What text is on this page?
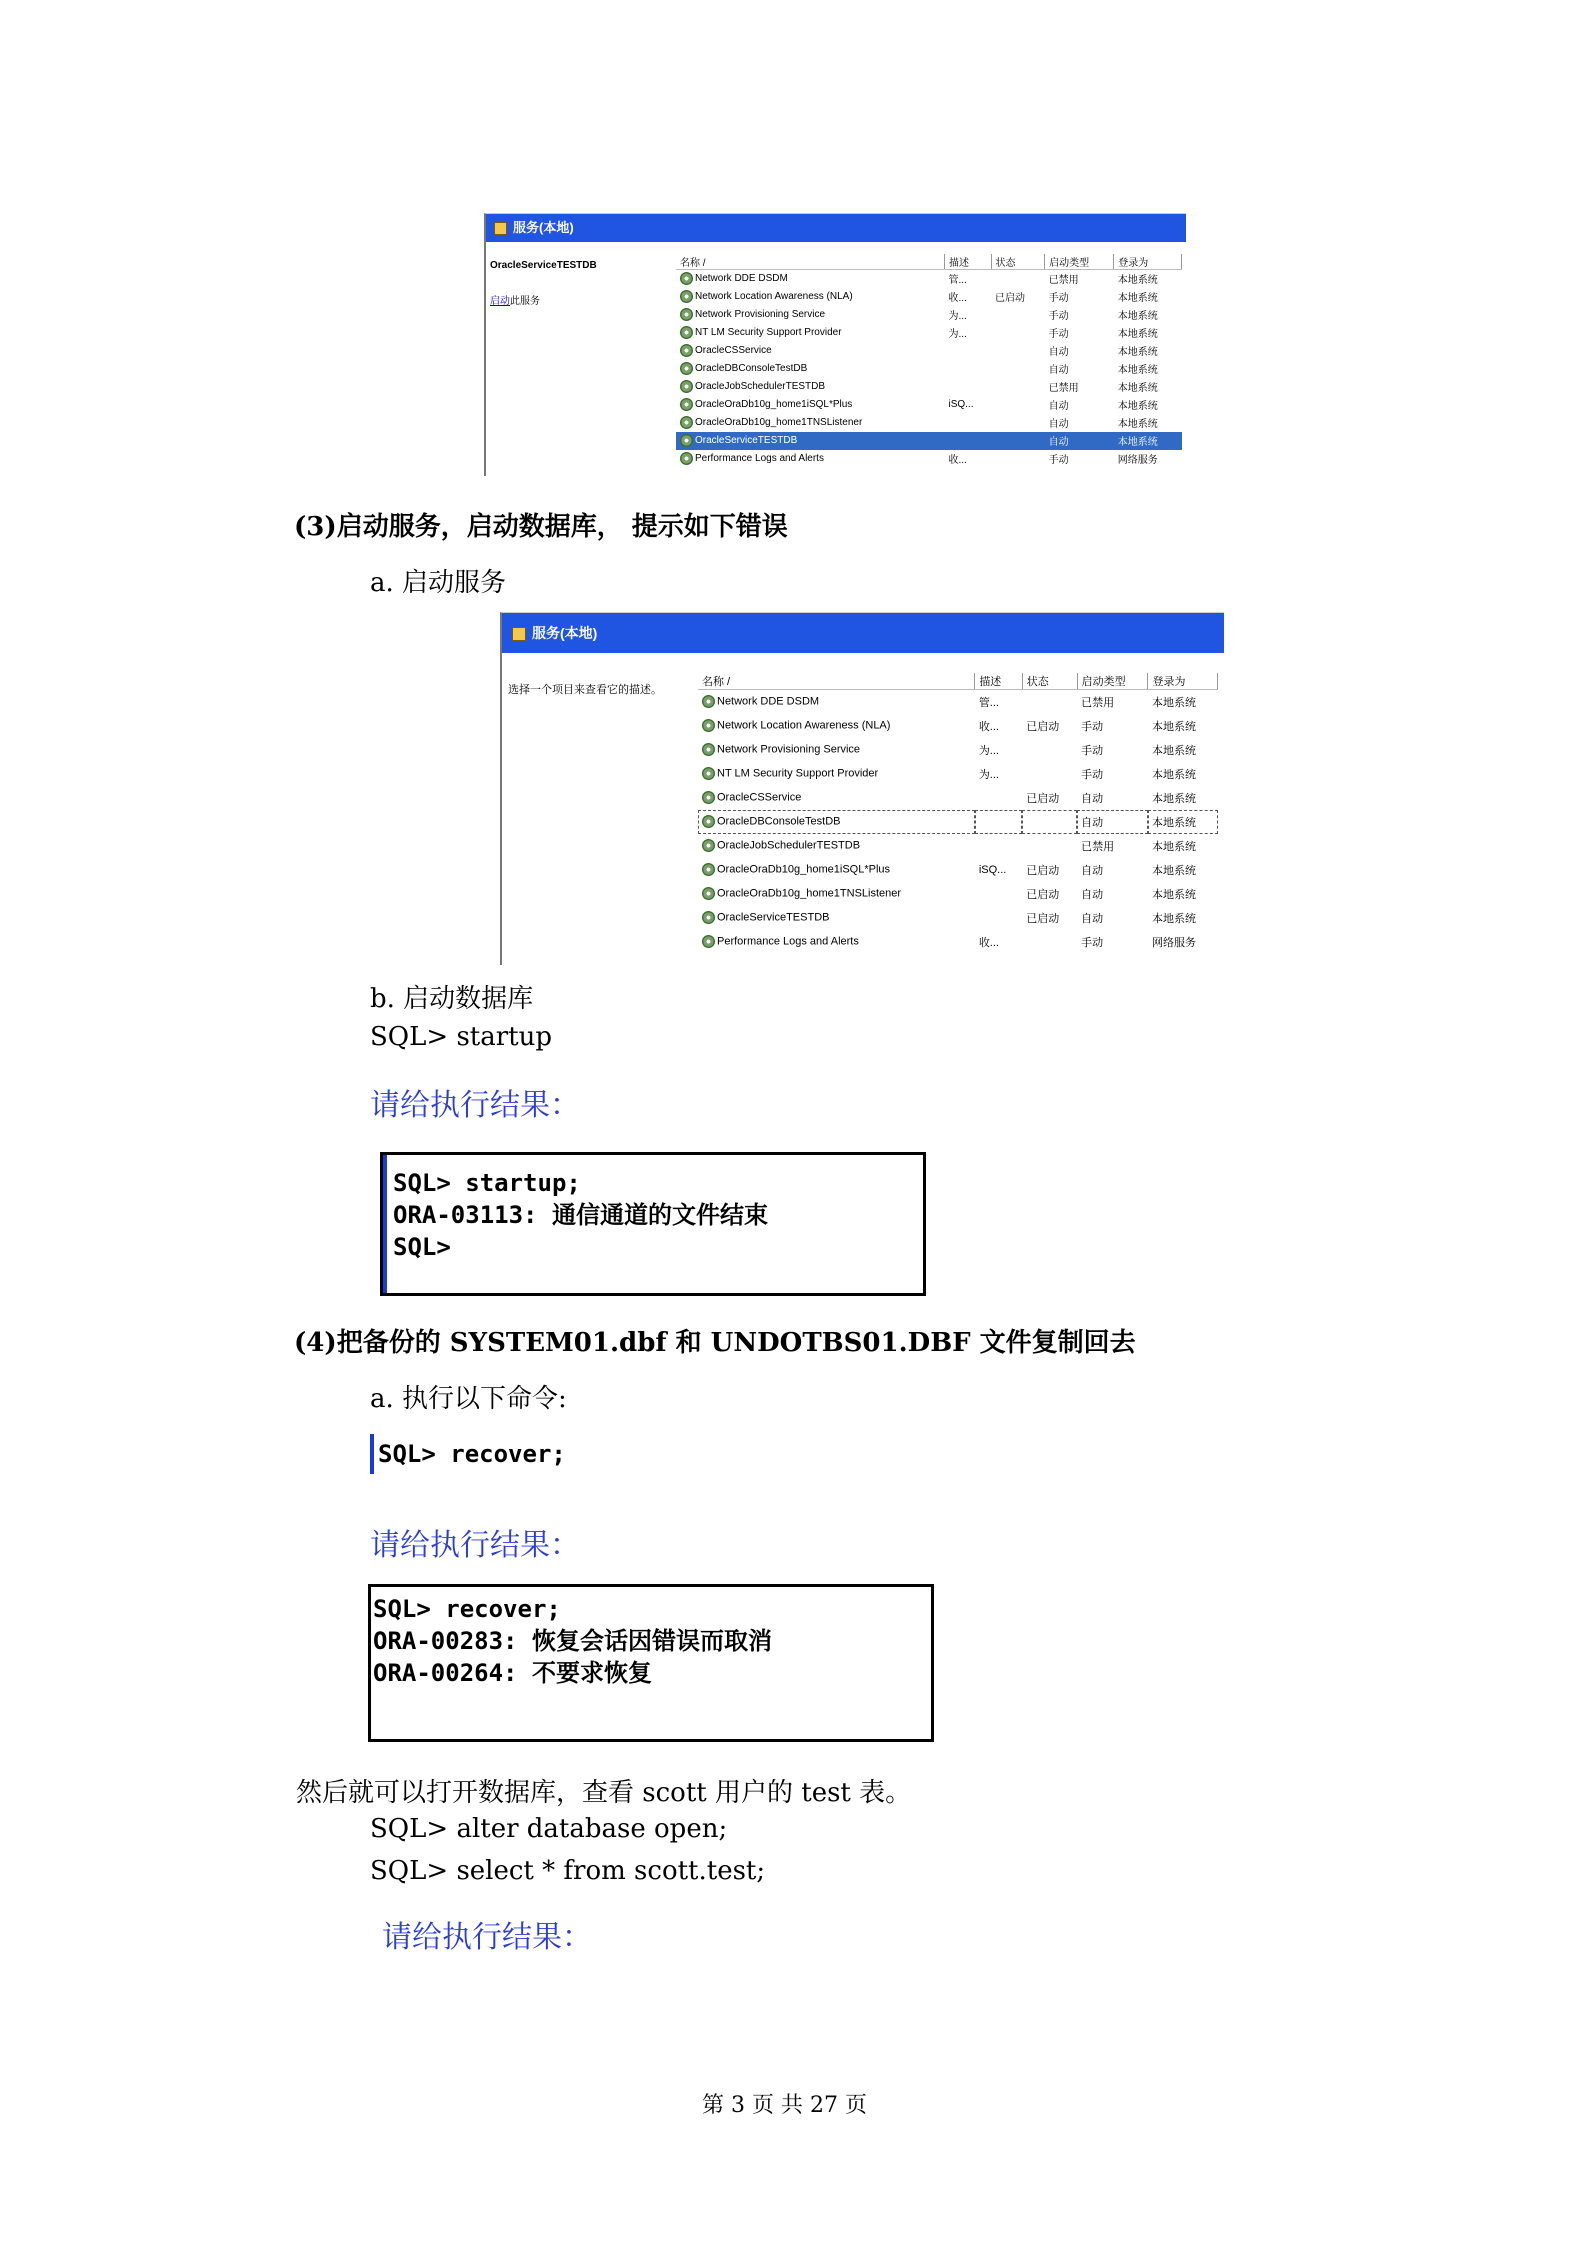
服务(本地)
OracleServiceTESTDB
启动此服务
名称 /	描述	状态	启动类型	登录为
Network DDE DSDM	管...		已禁用	本地系统
Network Location Awareness (NLA)	收...	已启动	手动	本地系统
Network Provisioning Service	为...		手动	本地系统
NT LM Security Support Provider	为...		手动	本地系统
OracleCSService			自动	本地系统
OracleDBConsoleTestDB			自动	本地系统
OracleJobSchedulerTESTDB			已禁用	本地系统
OracleOraDb10g_home1iSQL*Plus	iSQ...		自动	本地系统
OracleOraDb10g_home1TNSListener			自动	本地系统
OracleServiceTESTDB			自动	本地系统
Performance Logs and Alerts	收...		手动	网络服务
(3)启动服务，启动数据库， 提示如下错误
a. 启动服务
服务(本地)
选择一个项目来查看它的描述。
名称 /	描述	状态	启动类型	登录为
Network DDE DSDM	管...		已禁用	本地系统
Network Location Awareness (NLA)	收...	已启动	手动	本地系统
Network Provisioning Service	为...		手动	本地系统
NT LM Security Support Provider	为...		手动	本地系统
OracleCSService		已启动	自动	本地系统
OracleDBConsoleTestDB			自动	本地系统
OracleJobSchedulerTESTDB			已禁用	本地系统
OracleOraDb10g_home1iSQL*Plus	iSQ...	已启动	自动	本地系统
OracleOraDb10g_home1TNSListener		已启动	自动	本地系统
OracleServiceTESTDB		已启动	自动	本地系统
Performance Logs and Alerts	收...		手动	网络服务
b. 启动数据库
SQL> startup
请给执行结果：
SQL> startup;
ORA-03113: 通信通道的文件结束
SQL>
(4)把备份的 SYSTEM01.dbf 和 UNDOTBS01.DBF 文件复制回去
a. 执行以下命令:
SQL> recover;
请给执行结果：
SQL> recover;
ORA-00283: 恢复会话因错误而取消
ORA-00264: 不要求恢复
然后就可以打开数据库，查看 scott 用户的 test 表。
SQL> alter database open;
SQL> select * from scott.test;
请给执行结果：
第 3 页 共 27 页
